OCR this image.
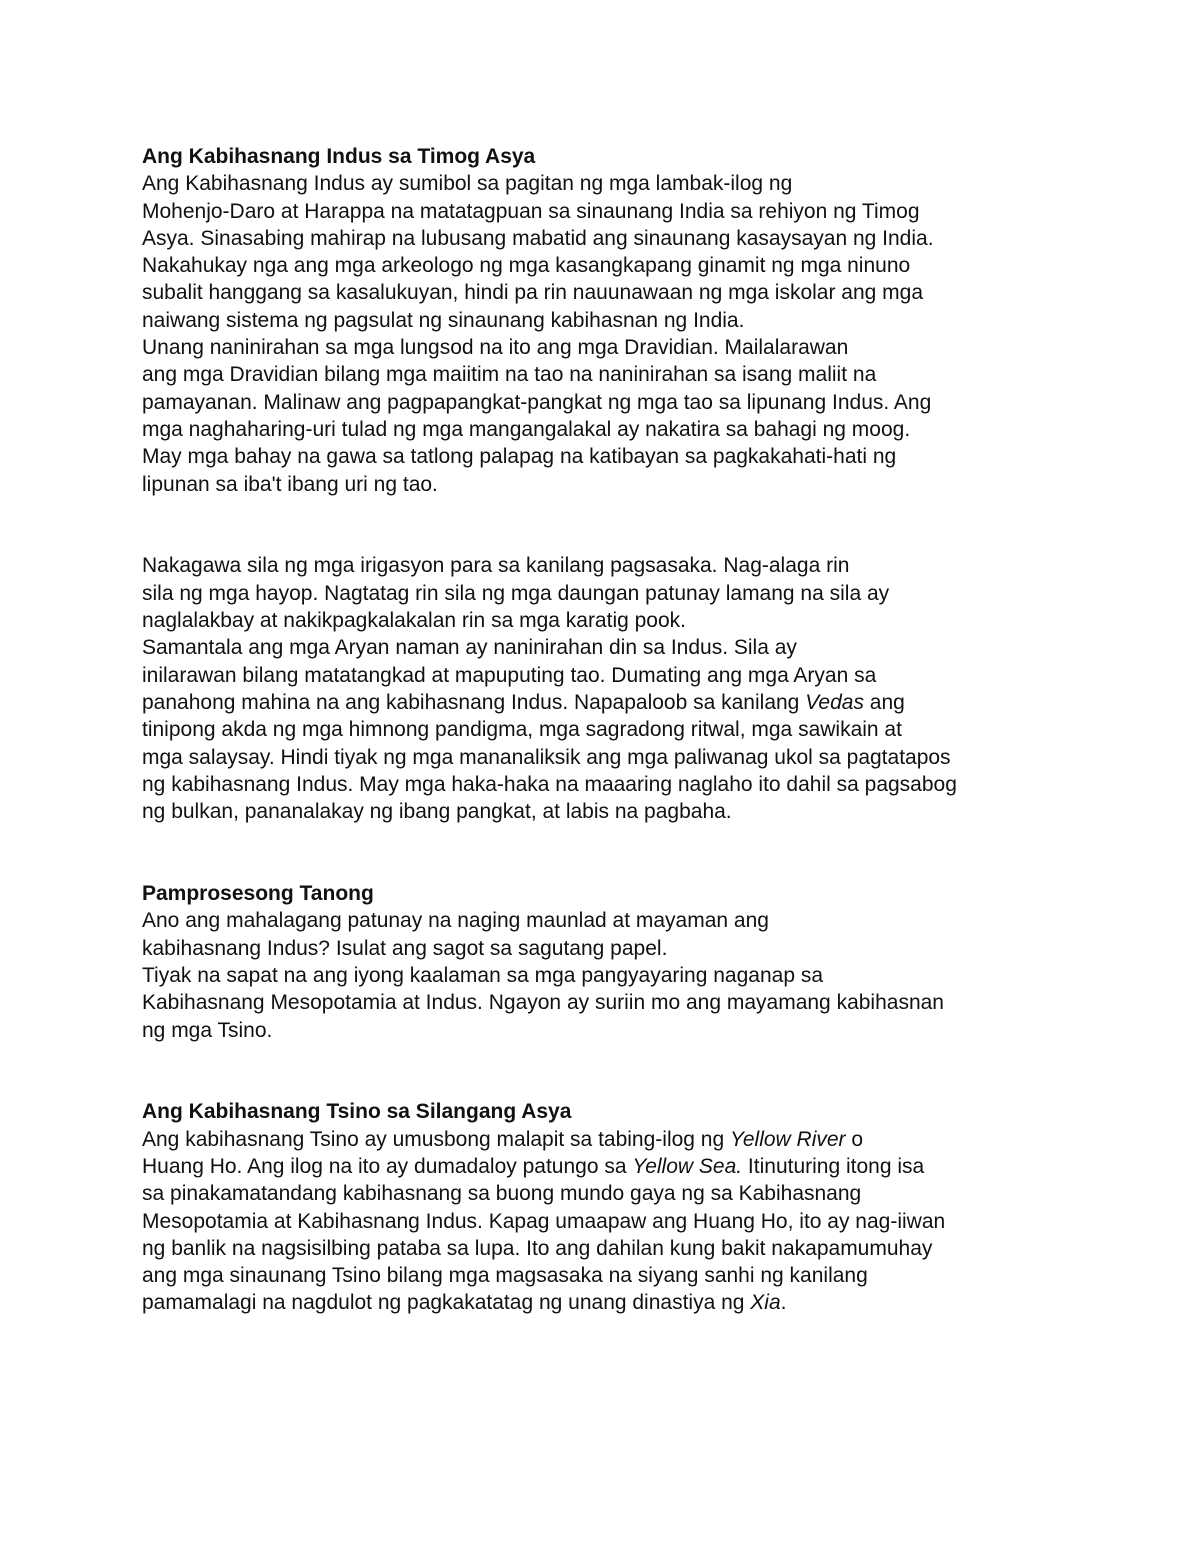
Ang Kabihasnang Indus sa Timog Asya
Ang Kabihasnang Indus ay sumibol sa pagitan ng mga lambak-ilog ng
Mohenjo-Daro at Harappa na matatagpuan sa sinaunang India sa rehiyon ng Timog
Asya. Sinasabing mahirap na lubusang mabatid ang sinaunang kasaysayan ng India.
Nakahukay nga ang mga arkeologo ng mga kasangkapang ginamit ng mga ninuno
subalit hanggang sa kasalukuyan, hindi pa rin nauunawaan ng mga iskolar ang mga
naiwang sistema ng pagsulat ng sinaunang kabihasnan ng India.
Unang naninirahan sa mga lungsod na ito ang mga Dravidian. Mailalarawan
ang mga Dravidian bilang mga maiitim na tao na naninirahan sa isang maliit na
pamayanan. Malinaw ang pagpapangkat-pangkat ng mga tao sa lipunang Indus. Ang
mga naghaharing-uri tulad ng mga mangangalakal ay nakatira sa bahagi ng moog.
May mga bahay na gawa sa tatlong palapag na katibayan sa pagkakahati-hati ng
lipunan sa iba't ibang uri ng tao.
Nakagawa sila ng mga irigasyon para sa kanilang pagsasaka. Nag-alaga rin
sila ng mga hayop. Nagtatag rin sila ng mga daungan patunay lamang na sila ay
naglalakbay at nakikpagkalakalan rin sa mga karatig pook.
Samantala ang mga Aryan naman ay naninirahan din sa Indus. Sila ay
inilarawan bilang matatangkad at mapuputing tao. Dumating ang mga Aryan sa
panahong mahina na ang kabihasnang Indus. Napapaloob sa kanilang Vedas ang
tinipong akda ng mga himnong pandigma, mga sagradong ritwal, mga sawikain at
mga salaysay. Hindi tiyak ng mga mananaliksik ang mga paliwanag ukol sa pagtatapos
ng kabihasnang Indus. May mga haka-haka na maaaring naglaho ito dahil sa pagsabog
ng bulkan, pananalakay ng ibang pangkat, at labis na pagbaha.
Pamprosesong Tanong
Ano ang mahalagang patunay na naging maunlad at mayaman ang
kabihasnang Indus? Isulat ang sagot sa sagutang papel.
Tiyak na sapat na ang iyong kaalaman sa mga pangyayaring naganap sa
Kabihasnang Mesopotamia at Indus. Ngayon ay suriin mo ang mayamang kabihasnan
ng mga Tsino.
Ang Kabihasnang Tsino sa Silangang Asya
Ang kabihasnang Tsino ay umusbong malapit sa tabing-ilog ng Yellow River o
Huang Ho. Ang ilog na ito ay dumadaloy patungo sa Yellow Sea. Itinuturing itong isa
sa pinakamatandang kabihasnang sa buong mundo gaya ng sa Kabihasnang
Mesopotamia at Kabihasnang Indus. Kapag umaapaw ang Huang Ho, ito ay nag-iiwan
ng banlik na nagsisilbing pataba sa lupa. Ito ang dahilan kung bakit nakapamumuhay
ang mga sinaunang Tsino bilang mga magsasaka na siyang sanhi ng kanilang
pamamalagi na nagdulot ng pagkakatatag ng unang dinastiya ng Xia.
